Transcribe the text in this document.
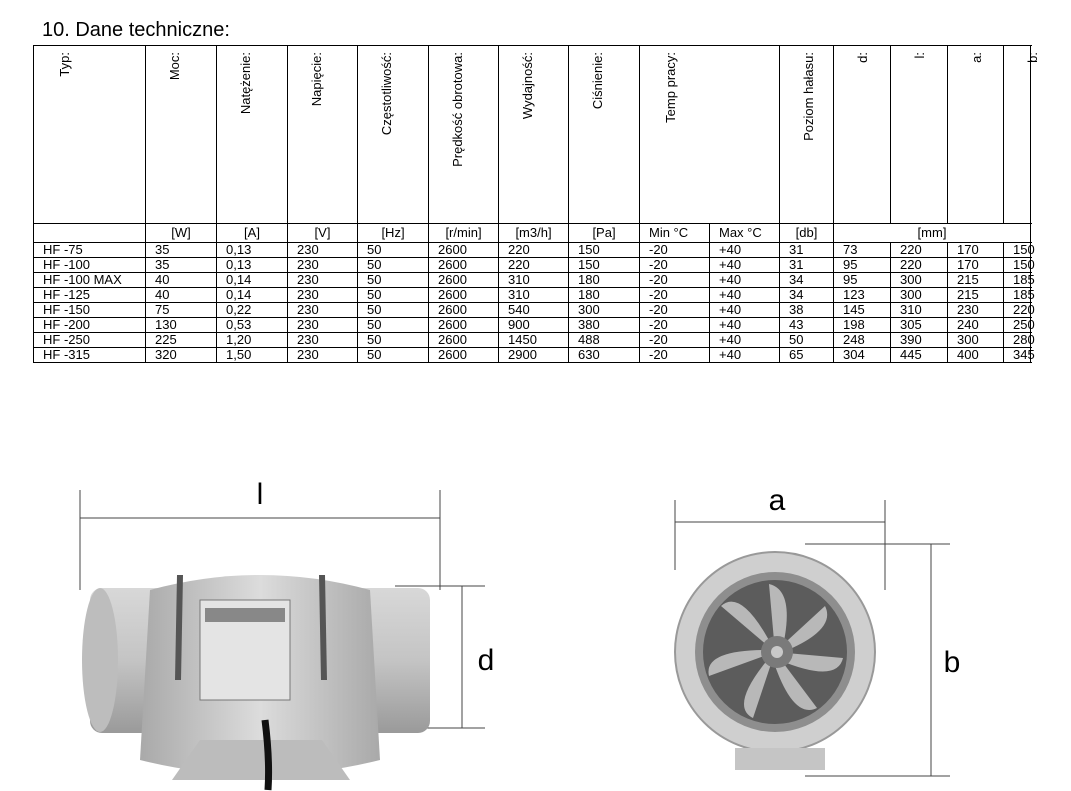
10. Dane techniczne:
Typ:	Moc:	Natężenie:	Napięcie:	Częstotliwość:	Prędkość obrotowa:	Wydajność:	Ciśnienie:	Temp pracy:		Poziom hałasu:	d:	l:	a:	b:

	[W]	[A]	[V]	[Hz]	[r/min]	[m3/h]	[Pa]	Min °C	Max °C	[db]	[mm]			
HF -75	35	0,13	230	50	2600	220	150	-20	+40	31	73	220	170	150
HF -100	35	0,13	230	50	2600	220	150	-20	+40	31	95	220	170	150
HF -100 MAX	40	0,14	230	50	2600	310	180	-20	+40	34	95	300	215	185
HF -125	40	0,14	230	50	2600	310	180	-20	+40	34	123	300	215	185
HF -150	75	0,22	230	50	2600	540	300	-20	+40	38	145	310	230	220
HF -200	130	0,53	230	50	2600	900	380	-20	+40	43	198	305	240	250
HF -250	225	1,20	230	50	2600	1450	488	-20	+40	50	248	390	300	280
HF -315	320	1,50	230	50	2600	2900	630	-20	+40	65	304	445	400	345
l
d
a
b
